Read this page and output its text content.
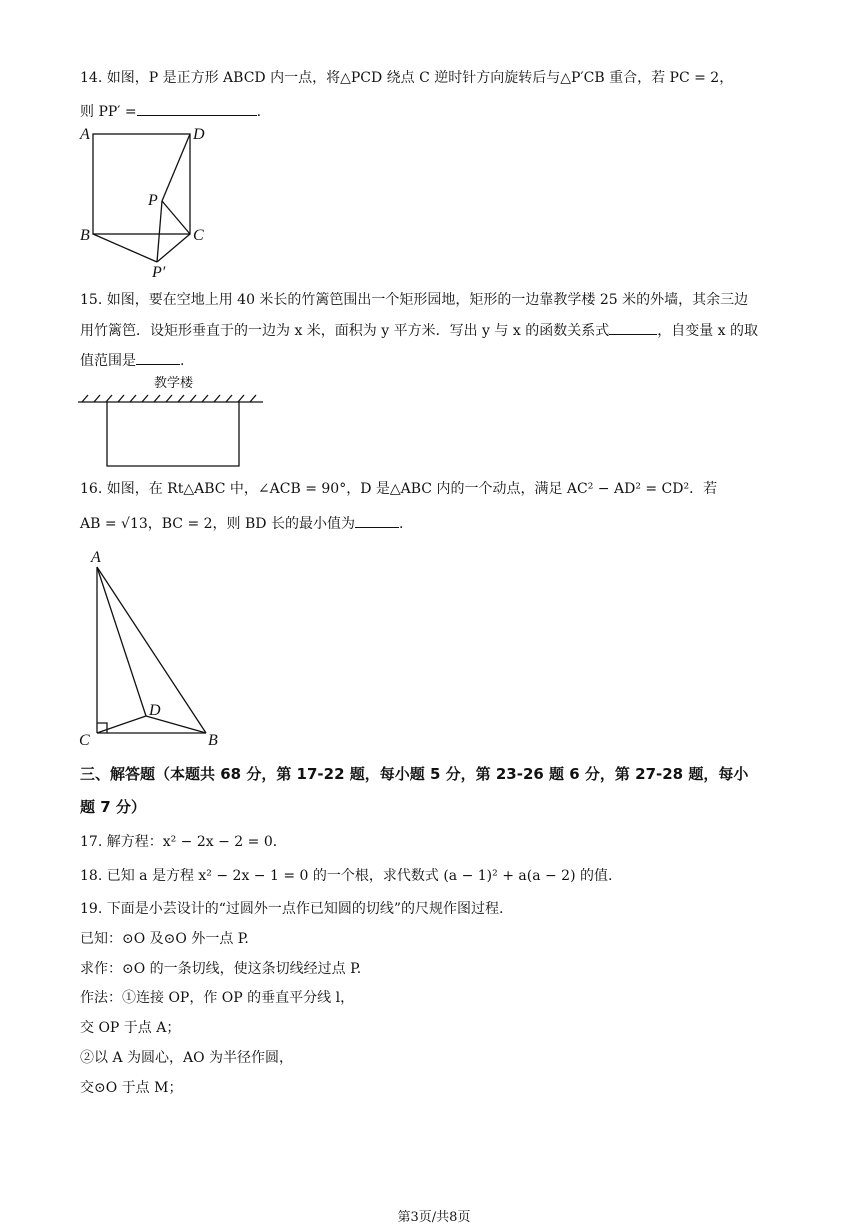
14. 如图，P 是正方形 ABCD 内一点，将△PCD 绕点 C 逆时针方向旋转后与△P′CB 重合，若 PC = 2，
则 PP′ =	.
A	D
P
B	C
P′
15. 如图，要在空地上用 40 米长的竹篱笆围出一个矩形园地，矩形的一边靠教学楼 25 米的外墙，其余三边
用竹篱笆．设矩形垂直于的一边为 x 米，面积为 y 平方米．写出 y 与 x 的函数关系式	，自变量 x 的取
值范围是	.
教学楼
16. 如图，在 Rt△ABC 中，∠ACB = 90°，D 是△ABC 内的一个动点，满足 AC² − AD² = CD²．若
AB = √13，BC = 2，则 BD 长的最小值为	.
A
D
C	B
三、解答题（本题共 68 分，第 17-22 题，每小题 5 分，第 23-26 题 6 分，第 27-28 题，每小
题 7 分）
17. 解方程：x² − 2x − 2 = 0．
18. 已知 a 是方程 x² − 2x − 1 = 0 的一个根，求代数式 (a − 1)² + a(a − 2) 的值.
19. 下面是小芸设计的“过圆外一点作已知圆的切线”的尺规作图过程.
已知：⊙O 及⊙O 外一点 P.
求作：⊙O 的一条切线，使这条切线经过点 P.
作法：①连接 OP，作 OP 的垂直平分线 l，
交 OP 于点 A；
②以 A 为圆心，AO 为半径作圆，
交⊙O 于点 M；
第3页/共8页
